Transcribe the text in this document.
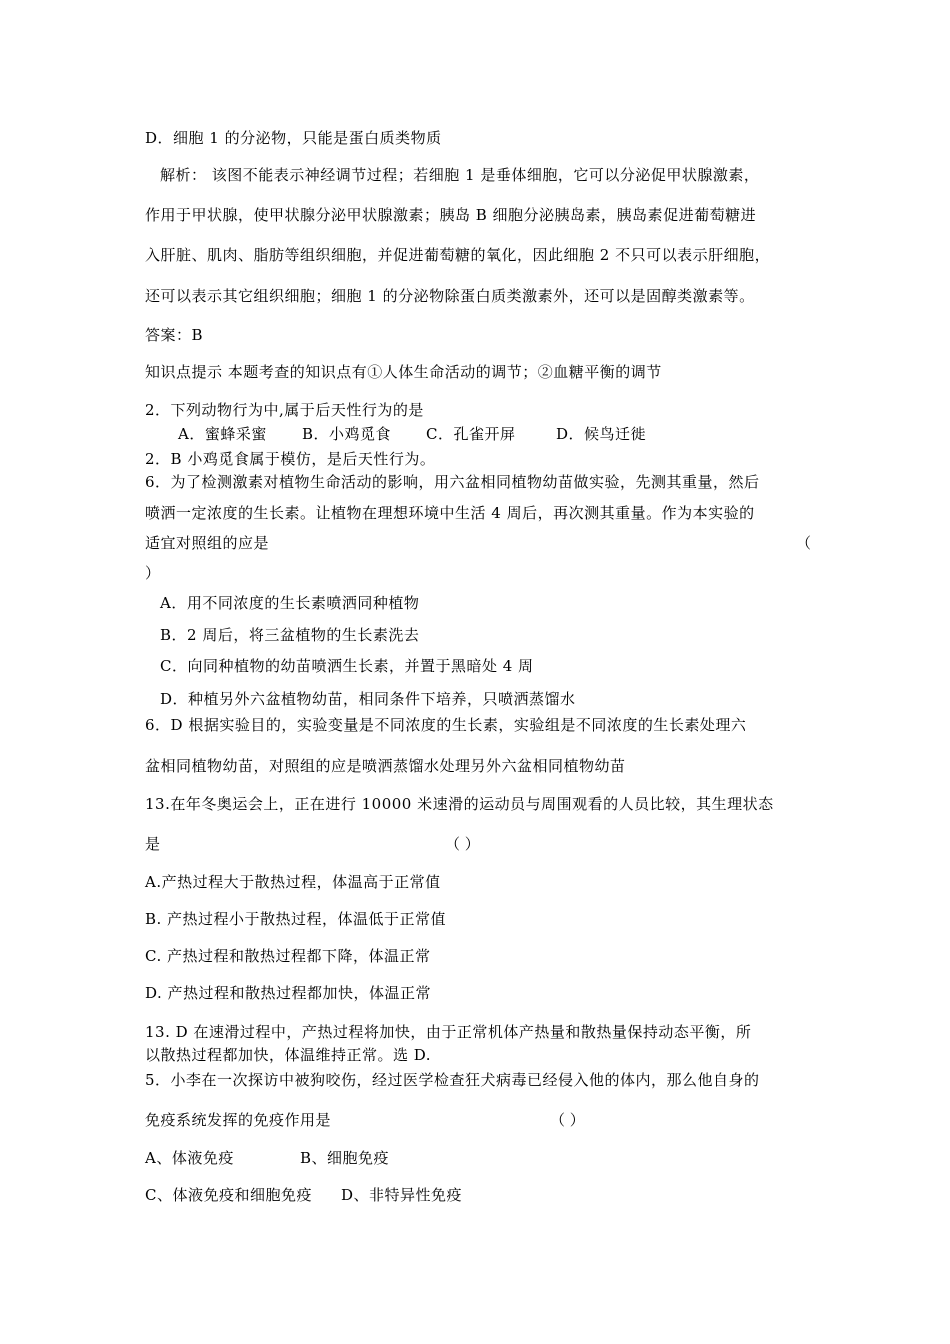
D．细胞 1 的分泌物，只能是蛋白质类物质
解析： 该图不能表示神经调节过程；若细胞 1 是垂体细胞，它可以分泌促甲状腺激素，
作用于甲状腺，使甲状腺分泌甲状腺激素；胰岛 B 细胞分泌胰岛素，胰岛素促进葡萄糖进
入肝脏、肌肉、脂肪等组织细胞，并促进葡萄糖的氧化，因此细胞 2 不只可以表示肝细胞，
还可以表示其它组织细胞；细胞 1 的分泌物除蛋白质类激素外，还可以是固醇类激素等。
答案：B
知识点提示 本题考查的知识点有①人体生命活动的调节；②血糖平衡的调节
2．下列动物行为中,属于后天性行为的是
A．蜜蜂采蜜 B．小鸡觅食 C．孔雀开屏	D．候鸟迁徙
2．B 小鸡觅食属于模仿，是后天性行为。
6．为了检测激素对植物生命活动的影响，用六盆相同植物幼苗做实验，先测其重量，然后
喷洒一定浓度的生长素。让植物在理想环境中生活 4 周后，再次测其重量。作为本实验的
适宜对照组的应是	（
）
A．用不同浓度的生长素喷洒同种植物
B．2 周后，将三盆植物的生长素洗去
C．向同种植物的幼苗喷洒生长素，并置于黑暗处 4 周
D．种植另外六盆植物幼苗，相同条件下培养，只喷洒蒸馏水
6．D 根据实验目的，实验变量是不同浓度的生长素，实验组是不同浓度的生长素处理六
盆相同植物幼苗，对照组的应是喷洒蒸馏水处理另外六盆相同植物幼苗
13.在年冬奥运会上，正在进行 10000 米速滑的运动员与周围观看的人员比较，其生理状态
是	（ ）
A.产热过程大于散热过程，体温高于正常值
B. 产热过程小于散热过程，体温低于正常值
C. 产热过程和散热过程都下降，体温正常
D. 产热过程和散热过程都加快，体温正常
13. D 在速滑过程中，产热过程将加快，由于正常机体产热量和散热量保持动态平衡，所
以散热过程都加快，体温维持正常。选 D.
5．小李在一次探访中被狗咬伤，经过医学检查狂犬病毒已经侵入他的体内，那么他自身的
免疫系统发挥的免疫作用是	（ ）
A、体液免疫	B、细胞免疫
C、体液免疫和细胞免疫 D、非特异性免疫
